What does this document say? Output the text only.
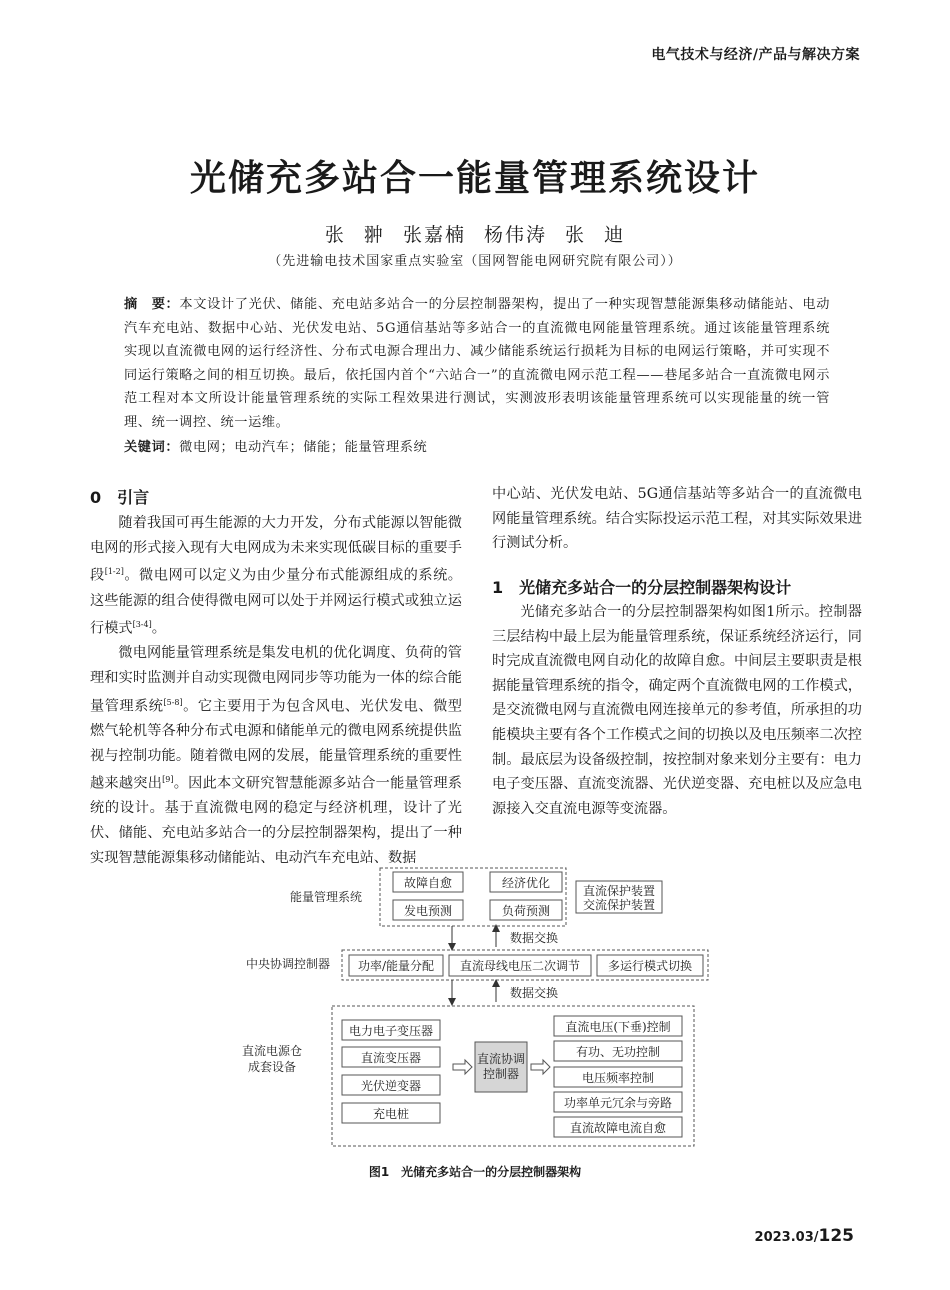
电气技术与经济/产品与解决方案
光储充多站合一能量管理系统设计
张 翀 张嘉楠 杨伟涛 张 迪
（先进输电技术国家重点实验室（国网智能电网研究院有限公司））
摘　要：本文设计了光伏、储能、充电站多站合一的分层控制器架构，提出了一种实现智慧能源集移动储能站、电动汽车充电站、数据中心站、光伏发电站、5G通信基站等多站合一的直流微电网能量管理系统。通过该能量管理系统实现以直流微电网的运行经济性、分布式电源合理出力、减少储能系统运行损耗为目标的电网运行策略，并可实现不同运行策略之间的相互切换。最后，依托国内首个“六站合一”的直流微电网示范工程——巷尾多站合一直流微电网示范工程对本文所设计能量管理系统的实际工程效果进行测试，实测波形表明该能量管理系统可以实现能量的统一管理、统一调控、统一运维。
关键词：微电网；电动汽车；储能；能量管理系统
0　引言

随着我国可再生能源的大力开发，分布式能源以智能微电网的形式接入现有大电网成为未来实现低碳目标的重要手段[1-2]。微电网可以定义为由少量分布式能源组成的系统。这些能源的组合使得微电网可以处于并网运行模式或独立运行模式[3-4]。

微电网能量管理系统是集发电机的优化调度、负荷的管理和实时监测并自动实现微电网同步等功能为一体的综合能量管理系统[5-8]。它主要用于为包含风电、光伏发电、微型燃气轮机等各种分布式电源和储能单元的微电网系统提供监视与控制功能。随着微电网的发展，能量管理系统的重要性越来越突出[9]。因此本文研究智慧能源多站合一能量管理系统的设计。基于直流微电网的稳定与经济机理，设计了光伏、储能、充电站多站合一的分层控制器架构，提出了一种实现智慧能源集移动储能站、电动汽车充电站、数据

中心站、光伏发电站、5G通信基站等多站合一的直流微电网能量管理系统。结合实际投运示范工程，对其实际效果进行测试分析。

1　光储充多站合一的分层控制器架构设计

光储充多站合一的分层控制器架构如图1所示。控制器三层结构中最上层为能量管理系统，保证系统经济运行，同时完成直流微电网自动化的故障自愈。中间层主要职责是根据能量管理系统的指令，确定两个直流微电网的工作模式，是交流微电网与直流微电网连接单元的参考值，所承担的功能模块主要有各个工作模式之间的切换以及电压频率二次控制。最底层为设备级控制，按控制对象来划分主要有：电力电子变压器、直流变流器、光伏逆变器、充电桩以及应急电源接入交直流电源等变流器。

能量管理系统
故障自愈	经济优化
发电预测	负荷预测
直流保护装置
交流保护装置
数据交换
中央协调控制器 功率/能量分配 直流母线电压二次调节 多运行模式切换
数据交换
直流电源仓
成套设备
电力电子变压器
直流变压器
光伏逆变器
充电桩
直流协调
控制器
直流电压(下垂)控制
有功、无功控制
电压频率控制
功率单元冗余与旁路
直流故障电流自愈
图1　光储充多站合一的分层控制器架构
2023.03/125
